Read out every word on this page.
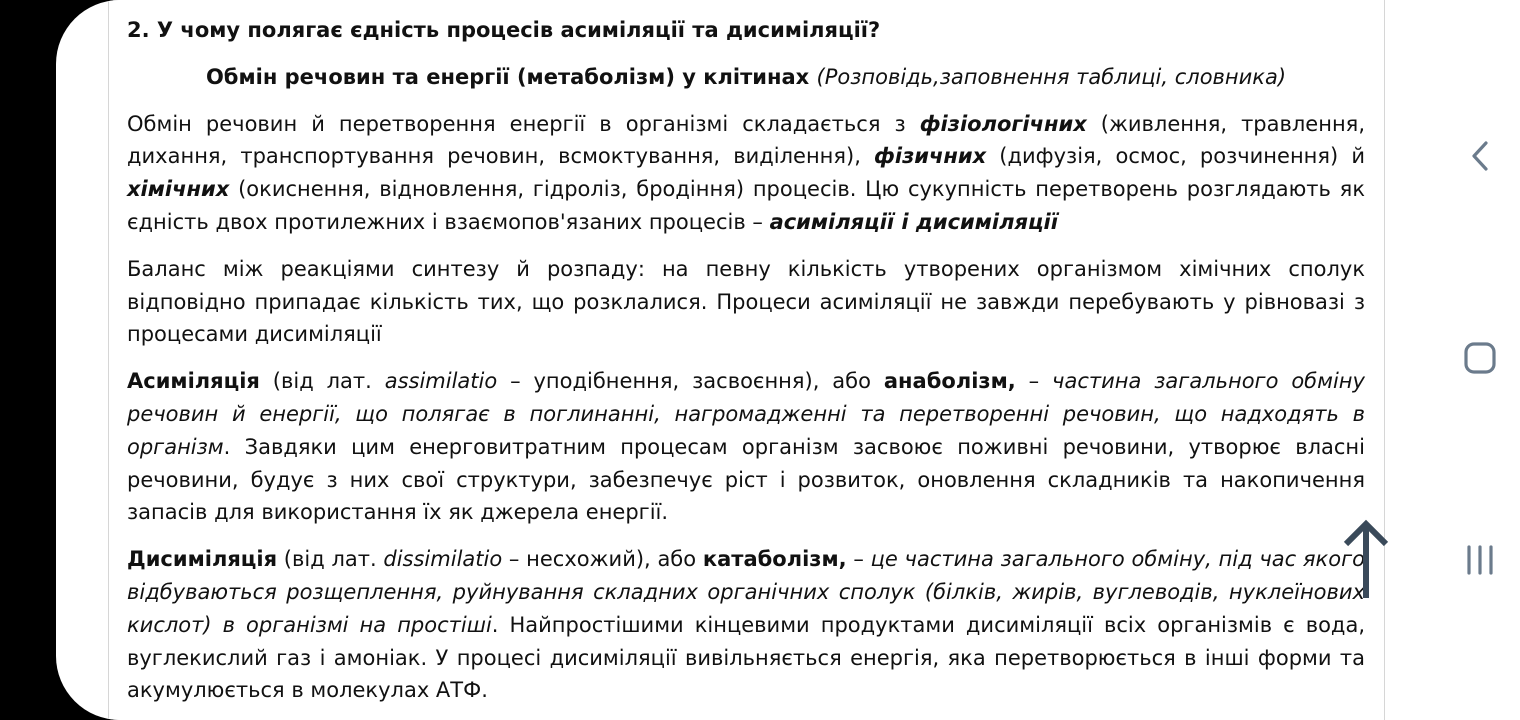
2. У чому полягає єдність процесів асиміляції та дисиміляції?

Обмін речовин та енергії (метаболізм) у клітинах (Розповідь,заповнення таблиці, словника)

Обмін речовин й перетворення енергії в організмі складається з фізіологічних (живлення, травлення, дихання, транспортування речовин, всмоктування, виділення), фізичних (дифузія, осмос, розчинення) й хімічних (окиснення, відновлення, гідроліз, бродіння) процесів. Цю сукупність перетворень розглядають як єдність двох протилежних і взаємопов'язаних процесів – асиміляції і дисиміляції

Баланс між реакціями синтезу й розпаду: на певну кількість утворених організмом хімічних сполук відповідно припадає кількість тих, що розклалися. Процеси асиміляції не завжди перебувають у рівновазі з процесами дисиміляції

Асиміляція (від лат. assimilatio – уподібнення, засвоєння), або анаболізм, – частина загального обміну речовин й енергії, що полягає в поглинанні, нагромадженні та перетворенні речовин, що надходять в організм. Завдяки цим енерговитратним процесам організм засвоює поживні речовини, утворює власні речовини, будує з них свої структури, забезпечує ріст і розвиток, оновлення складників та накопичення запасів для використання їх як джерела енергії.

Дисиміляція (від лат. dissimilatio – несхожий), або катаболізм, – це частина загального обміну, під час якого відбуваються розщеплення, руйнування складних органічних сполук (білків, жирів, вуглеводів, нуклеїнових кислот) в організмі на простіші. Найпростішими кінцевими продуктами дисиміляції всіх організмів є вода, вуглекислий газ і амоніак. У процесі дисиміляції вивільняється енергія, яка перетворюється в інші форми та акумулюється в молекулах АТФ.
